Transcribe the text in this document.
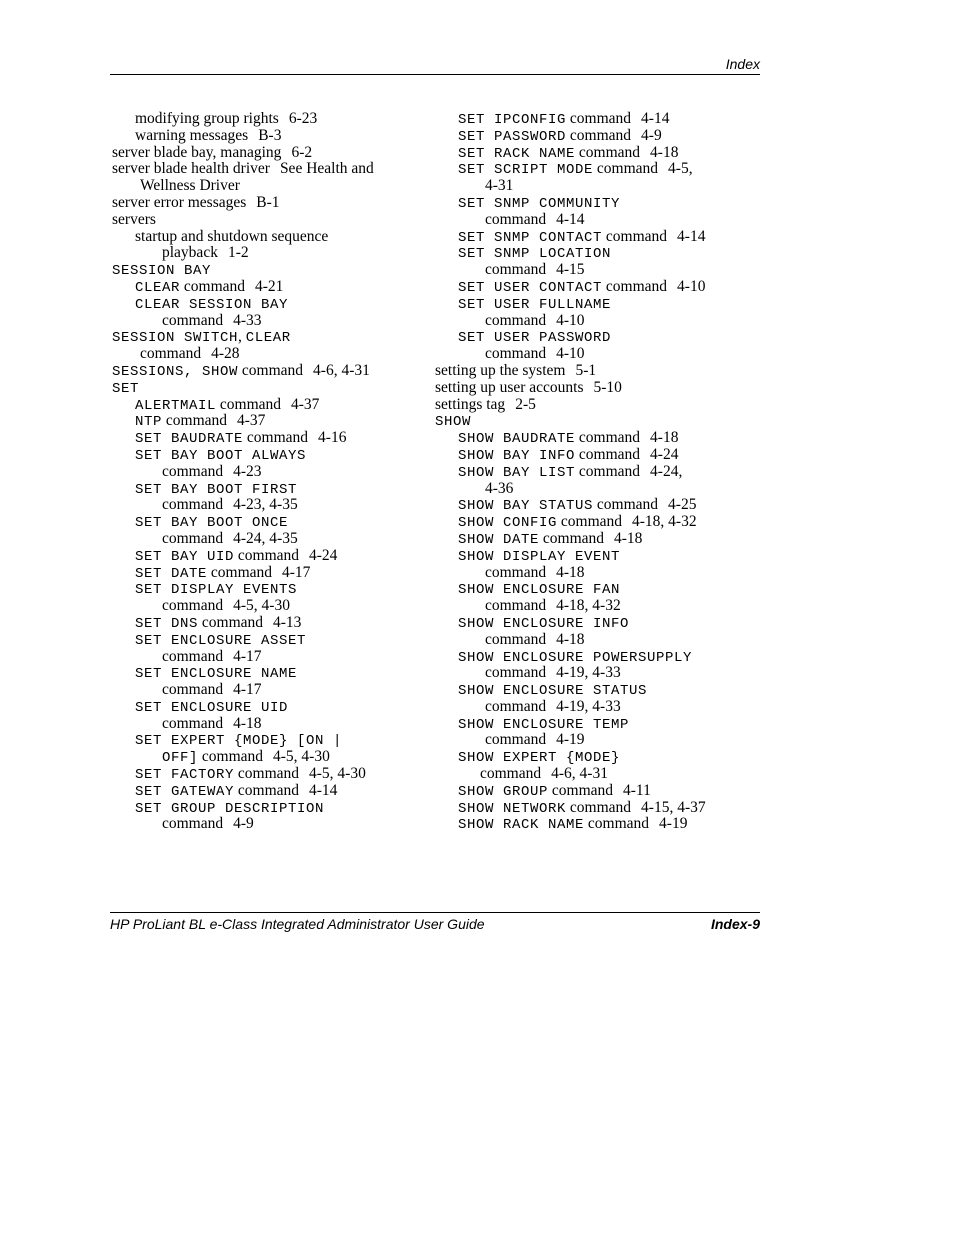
Index
modifying group rights 6-23
warning messages B-3
server blade bay, managing 6-2
server blade health driver See Health and
Wellness Driver
server error messages B-1
servers
startup and shutdown sequence
playback 1-2
SESSION BAY
CLEAR command 4-21
CLEAR SESSION BAY
command 4-33
SESSION SWITCH, CLEAR
command 4-28
SESSIONS, SHOW command 4-6, 4-31
SET
ALERTMAIL command 4-37
NTP command 4-37
SET BAUDRATE command 4-16
SET BAY BOOT ALWAYS
command 4-23
SET BAY BOOT FIRST
command 4-23, 4-35
SET BAY BOOT ONCE
command 4-24, 4-35
SET BAY UID command 4-24
SET DATE command 4-17
SET DISPLAY EVENTS
command 4-5, 4-30
SET DNS command 4-13
SET ENCLOSURE ASSET
command 4-17
SET ENCLOSURE NAME
command 4-17
SET ENCLOSURE UID
command 4-18
SET EXPERT {MODE} [ON |
OFF] command 4-5, 4-30
SET FACTORY command 4-5, 4-30
SET GATEWAY command 4-14
SET GROUP DESCRIPTION
command 4-9
SET IPCONFIG command 4-14
SET PASSWORD command 4-9
SET RACK NAME command 4-18
SET SCRIPT MODE command 4-5,
4-31
SET SNMP COMMUNITY
command 4-14
SET SNMP CONTACT command 4-14
SET SNMP LOCATION
command 4-15
SET USER CONTACT command 4-10
SET USER FULLNAME
command 4-10
SET USER PASSWORD
command 4-10
setting up the system 5-1
setting up user accounts 5-10
settings tag 2-5
SHOW
SHOW BAUDRATE command 4-18
SHOW BAY INFO command 4-24
SHOW BAY LIST command 4-24,
4-36
SHOW BAY STATUS command 4-25
SHOW CONFIG command 4-18, 4-32
SHOW DATE command 4-18
SHOW DISPLAY EVENT
command 4-18
SHOW ENCLOSURE FAN
command 4-18, 4-32
SHOW ENCLOSURE INFO
command 4-18
SHOW ENCLOSURE POWERSUPPLY
command 4-19, 4-33
SHOW ENCLOSURE STATUS
command 4-19, 4-33
SHOW ENCLOSURE TEMP
command 4-19
SHOW EXPERT {MODE}
command 4-6, 4-31
SHOW GROUP command 4-11
SHOW NETWORK command 4-15, 4-37
SHOW RACK NAME command 4-19
HP ProLiant BL e-Class Integrated Administrator User Guide	Index-9
